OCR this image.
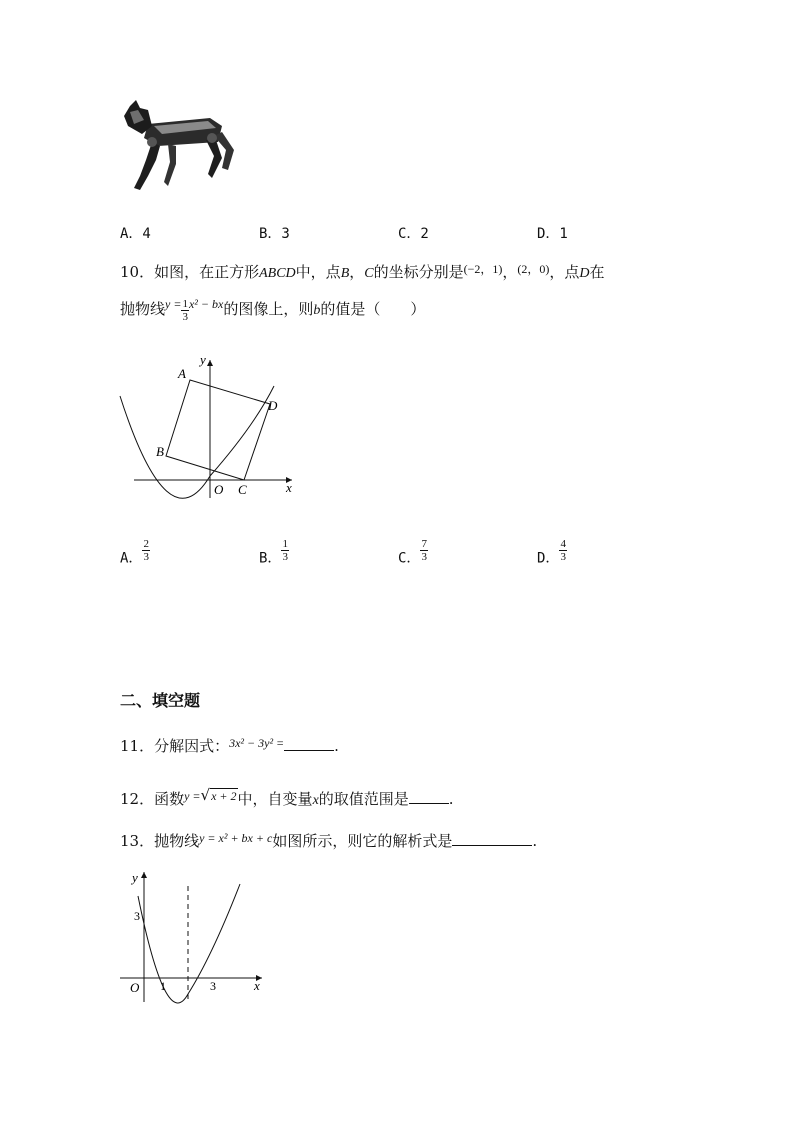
A．4	B．3	C．2	D．1
10．如图，在正方形ABCD中，点B，C的坐标分别是$^{(-2,1)}$，$^{(2,0)}$，点D在
抛物线$^{y =} \frac{1}{3} ^{x^2 - bx}$的图像上，则b的值是（　　）
A
B
C
D
O	x
y
A． $\frac{2}{3}$	B． $\frac{1}{3}$	C． $\frac{7}{3}$	D． $\frac{4}{3}$
二、填空题
11．分解因式：$^{3x^2 - 3y^2 =}$	.
12．函数$^{y =}$√$^{x + 2}$中，自变量x的取值范围是	.
13．抛物线$^{y = x^2 + bx + c}$如图所示，则它的解析式是	.
y
x
O
3
1	3
